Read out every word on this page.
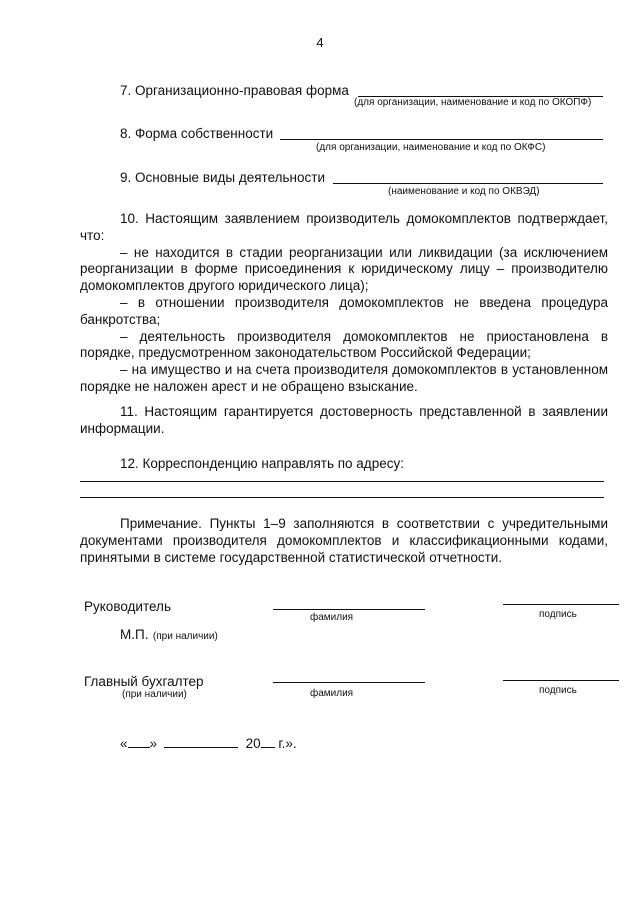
4
7. Организационно-правовая форма
(для организации, наименование и код по ОКОПФ)
8. Форма собственности
(для организации, наименование и код по ОКФС)
9. Основные виды деятельности
(наименование и код по ОКВЭД)

10. Настоящим заявлением производитель домокомплектов подтверждает, что:

– не находится в стадии реорганизации или ликвидации (за исключением реорганизации в форме присоединения к юридическому лицу – производителю домокомплектов другого юридического лица);

– в отношении производителя домокомплектов не введена процедура банкротства;

– деятельность производителя домокомплектов не приостановлена в порядке, предусмотренном законодательством Российской Федерации;

– на имуществo и на счета производителя домокомплектов в установленном порядке не наложен арест и не обращено взыскание.

11. Настоящим гарантируется достоверность представленной в заявлении информации.
12. Корреспонденцию направлять по адресу:
Примечание. Пункты 1–9 заполняются в соответствии с учредительными документами производителя домокомплектов и классификационными кодами, принятыми в системе государственной статистической отчетности.
Руководитель
фамилия	подпись
М.П. (при наличии)
Главный бухгалтер
(при наличии)	фамилия	подпись
« »	20 г.».
